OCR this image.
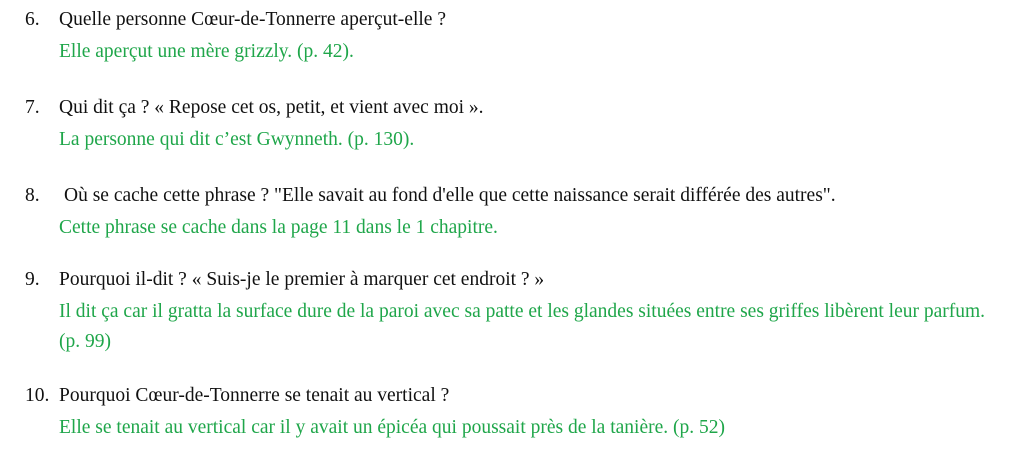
6. Quelle personne Cœur-de-Tonnerre aperçut-elle ?
Elle aperçut une mère grizzly. (p. 42).
7. Qui dit ça ? « Repose cet os, petit, et vient avec moi ».
La personne qui dit c’est Gwynneth. (p. 130).
8. Où se cache cette phrase ? "Elle savait au fond d'elle que cette naissance serait différée des autres".
Cette phrase se cache dans la page 11 dans le 1 chapitre.
9. Pourquoi il-dit ? « Suis-je le premier à marquer cet endroit ? »
Il dit ça car il gratta la surface dure de la paroi avec sa patte et les glandes situées entre ses griffes libèrent leur parfum. (p. 99)
10. Pourquoi Cœur-de-Tonnerre se tenait au vertical ?
Elle se tenait au vertical car il y avait un épicéa qui poussait près de la tanière. (p. 52)
